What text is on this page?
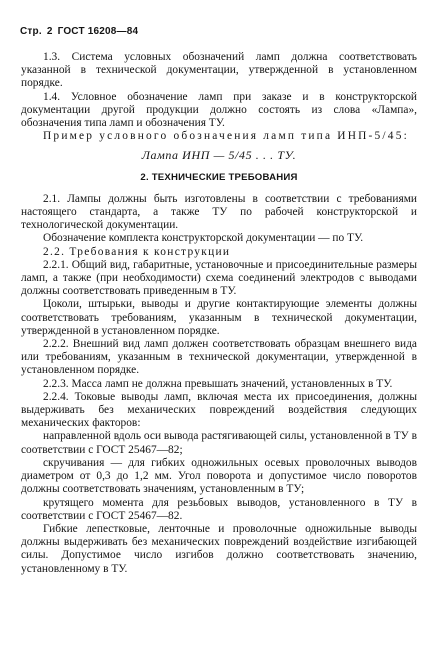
Стр. 2 ГОСТ 16208—84

1.3. Система условных обозначений ламп должна соответствовать указанной в технической документации, утвержденной в установленном порядке.

1.4. Условное обозначение ламп при заказе и в конструкторской документации другой продукции должно состоять из слова «Лампа», обозначения типа ламп и обозначения ТУ.

Пример условного обозначения ламп типа ИНП-5/45:

Лампа ИНП — 5/45 . . . ТУ.

2. ТЕХНИЧЕСКИЕ ТРЕБОВАНИЯ

2.1. Лампы должны быть изготовлены в соответствии с требованиями настоящего стандарта, а также ТУ по рабочей конструкторской и технологической документации.

Обозначение комплекта конструкторской документации — по ТУ.

2.2. Требования к конструкции

2.2.1. Общий вид, габаритные, установочные и присоединительные размеры ламп, а также (при необходимости) схема соединений электродов с выводами должны соответствовать приведенным в ТУ.

Цоколи, штырьки, выводы и другие контактирующие элементы должны соответствовать требованиям, указанным в технической документации, утвержденной в установленном порядке.

2.2.2. Внешний вид ламп должен соответствовать образцам внешнего вида или требованиям, указанным в технической документации, утвержденной в установленном порядке.

2.2.3. Масса ламп не должна превышать значений, установленных в ТУ.

2.2.4. Токовые выводы ламп, включая места их присоединения, должны выдерживать без механических повреждений воздействия следующих механических факторов:

направленной вдоль оси вывода растягивающей силы, установленной в ТУ в соответствии с ГОСТ 25467—82;

скручивания — для гибких одножильных осевых проволочных выводов диаметром от 0,3 до 1,2 мм. Угол поворота и допустимое число поворотов должны соответствовать значениям, установленным в ТУ;

крутящего момента для резьбовых выводов, установленного в ТУ в соответствии с ГОСТ 25467—82.

Гибкие лепестковые, ленточные и проволочные одножильные выводы должны выдерживать без механических повреждений воздействие изгибающей силы. Допустимое число изгибов должно соответствовать значению, установленному в ТУ.
